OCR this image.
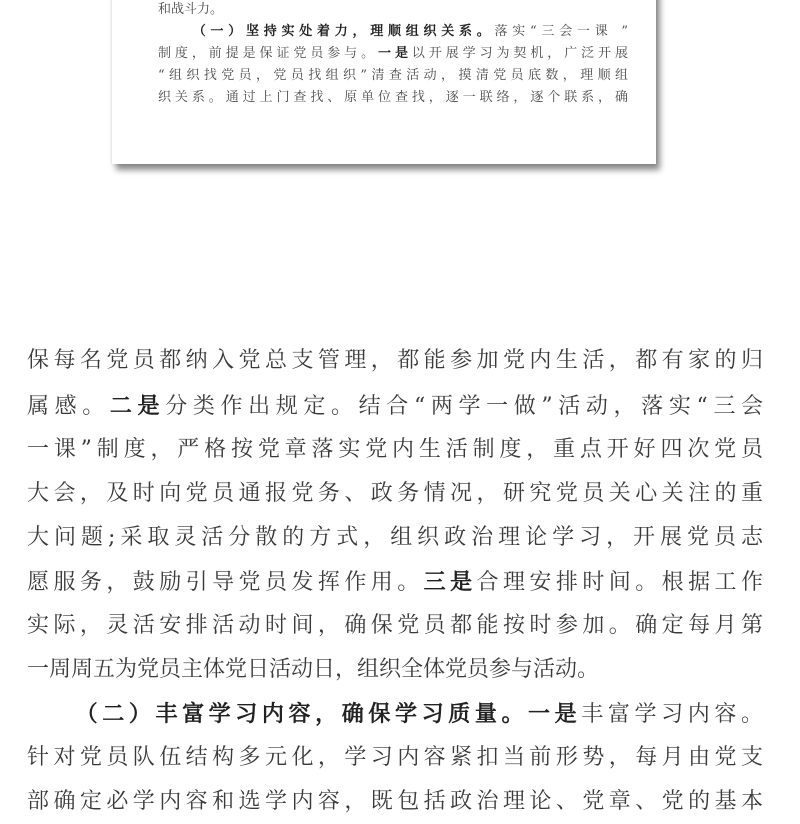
和战斗力。
（一）坚持实处着力，理顺组织关系。落实“三会一课 ”
制度，前提是保证党员参与。一是以开展学习为契机，广泛开展
“组织找党员，党员找组织”清查活动，摸清党员底数，理顺组
织关系。通过上门查找、原单位查找，逐一联络，逐个联系，确
保每名党员都纳入党总支管理，都能参加党内生活，都有家的归
属感。二是分类作出规定。结合“两学一做”活动，落实“三会
一课”制度，严格按党章落实党内生活制度，重点开好四次党员
大会，及时向党员通报党务、政务情况，研究党员关心关注的重
大问题;采取灵活分散的方式，组织政治理论学习，开展党员志
愿服务，鼓励引导党员发挥作用。三是合理安排时间。根据工作
实际，灵活安排活动时间，确保党员都能按时参加。确定每月第
一周周五为党员主体党日活动日，组织全体党员参与活动。
（二）丰富学习内容，确保学习质量。一是丰富学习内容。
针对党员队伍结构多元化，学习内容紧扣当前形势，每月由党支
部确定必学内容和选学内容，既包括政治理论、党章、党的基本
